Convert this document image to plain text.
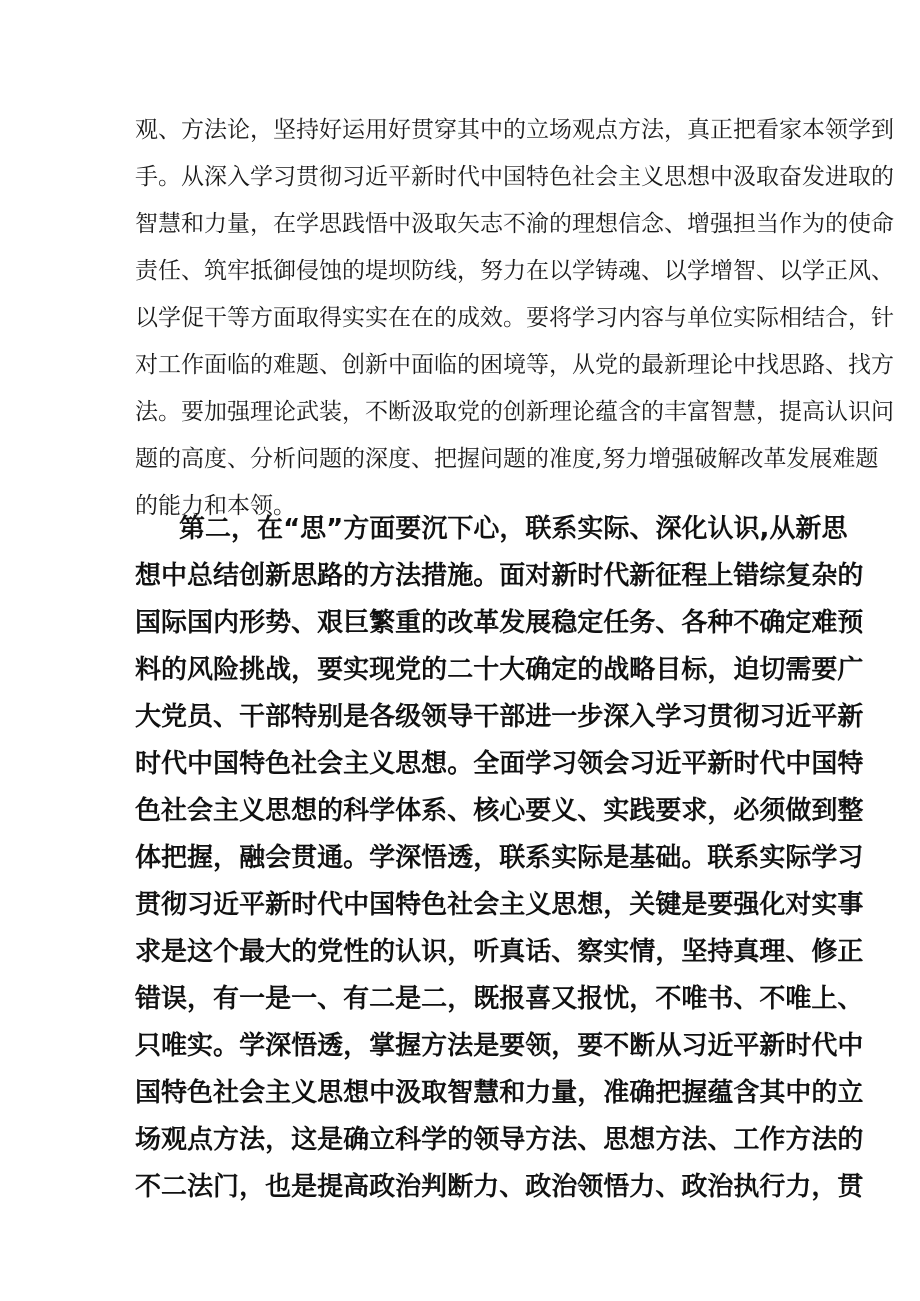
观 、 方 法 论 ， 坚 持 好 运 用 好 贯 穿 其 中 的 立 场 观 点 方 法 ， 真 正 把 看 家 本 领 学 到
手 。 从 深 入 学 习 贯 彻 习 近 平 新 时 代 中 国 特 色 社 会 主 义 思 想 中 汲 取 奋 发 进 取 的
智 慧 和 力 量 ， 在 学 思 践 悟 中 汲 取 矢 志 不 渝 的 理 想 信 念 、 增 强 担 当 作 为 的 使 命
责 任 、 筑 牢 抵 御 侵 蚀 的 堤 坝 防 线 ， 努 力 在 以 学 铸 魂 、 以 学 增 智 、 以 学 正 风 、
以 学 促 干 等 方 面 取 得 实 实 在 在 的 成 效 。 要 将 学 习 内 容 与 单 位 实 际 相 结 合 ， 针
对 工 作 面 临 的 难 题 、 创 新 中 面 临 的 困 境 等 ， 从 党 的 最 新 理 论 中 找 思 路 、 找 方
法 。 要 加 强 理 论 武 装 ， 不 断 汲 取 党 的 创 新 理 论 蕴 含 的 丰 富 智 慧 ， 提 高 认 识 问
题 的 高 度 、 分 析 问 题 的 深 度 、 把 握 问 题 的 准 度 , 努 力 增 强 破 解 改 革 发 展 难 题
的能力和本领。
第 二 ， 在 “ 思 ” 方 面 要 沉 下 心 ， 联 系 实 际 、 深 化 认 识 , 从 新 思
想 中 总 结 创 新 思 路 的 方 法 措 施 。 面 对 新 时 代 新 征 程 上 错 综 复 杂 的
国 际 国 内 形 势 、 艰 巨 繁 重 的 改 革 发 展 稳 定 任 务 、 各 种 不 确 定 难 预
料 的 风 险 挑 战 ， 要 实 现 党 的 二 十 大 确 定 的 战 略 目 标 ， 迫 切 需 要 广
大 党 员 、 干 部 特 别 是 各 级 领 导 干 部 进 一 步 深 入 学 习 贯 彻 习 近 平 新
时 代 中 国 特 色 社 会 主 义 思 想 。 全 面 学 习 领 会 习 近 平 新 时 代 中 国 特
色 社 会 主 义 思 想 的 科 学 体 系 、 核 心 要 义 、 实 践 要 求 ， 必 须 做 到 整
体 把 握 ， 融 会 贯 通 。 学 深 悟 透 ， 联 系 实 际 是 基 础 。 联 系 实 际 学 习
贯 彻 习 近 平 新 时 代 中 国 特 色 社 会 主 义 思 想 ， 关 键 是 要 强 化 对 实 事
求 是 这 个 最 大 的 党 性 的 认 识 ， 听 真 话 、 察 实 情 ， 坚 持 真 理 、 修 正
错 误 ， 有 一 是 一 、 有 二 是 二 ， 既 报 喜 又 报 忧 ， 不 唯 书 、 不 唯 上 、
只 唯 实 。 学 深 悟 透 ， 掌 握 方 法 是 要 领 ， 要 不 断 从 习 近 平 新 时 代 中
国 特 色 社 会 主 义 思 想 中 汲 取 智 慧 和 力 量 ， 准 确 把 握 蕴 含 其 中 的 立
场 观 点 方 法 ， 这 是 确 立 科 学 的 领 导 方 法 、 思 想 方 法 、 工 作 方 法 的
不 二 法 门 ， 也 是 提 高 政 治 判 断 力 、 政 治 领 悟 力 、 政 治 执 行 力 ， 贯
